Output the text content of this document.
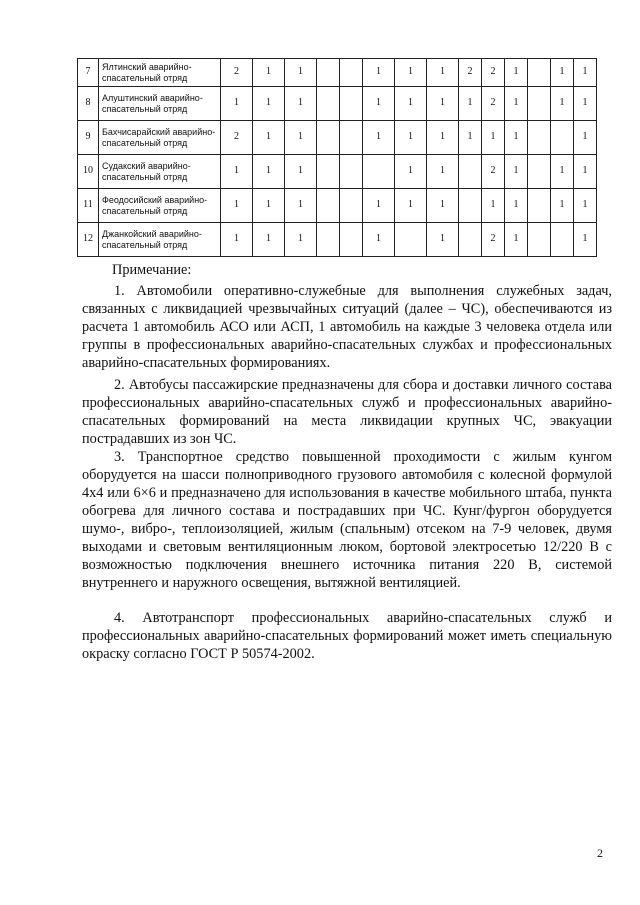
7	Ялтинский аварийно-спасательный отряд	2	1	1			1	1	1	2	2	1		1	1
8	Алуштинский аварийно-спасательный отряд	1	1	1			1	1	1	1	2	1		1	1
9	Бахчисарайский аварийно-спасательный отряд	2	1	1			1	1	1	1	1	1			1
10	Судакский аварийно-спасательный отряд	1	1	1				1	1		2	1		1	1
11	Феодосийский аварийно-спасательный отряд	1	1	1			1	1	1		1	1		1	1
12	Джанкойский аварийно-спасательный отряд	1	1	1			1		1		2	1			1
Примечание:

1. Автомобили оперативно-служебные для выполнения служебных задач, связанных с ликвидацией чрезвычайных ситуаций (далее – ЧС), обеспечиваются из расчета 1 автомобиль АСО или АСП, 1 автомобиль на каждые 3 человека отдела или группы в профессиональных аварийно-спасательных службах и профессиональных аварийно-спасательных формированиях.

2. Автобусы пассажирские предназначены для сбора и доставки личного состава профессиональных аварийно-спасательных служб и профессиональных аварийно-спасательных формирований на места ликвидации крупных ЧС, эвакуации пострадавших из зон ЧС.

3. Транспортное средство повышенной проходимости с жилым кунгом оборудуется на шасси полноприводного грузового автомобиля с колесной формулой 4х4 или 6×6 и предназначено для использования в качестве мобильного штаба, пункта обогрева для личного состава и пострадавших при ЧС. Кунг/фургон оборудуется шумо-, вибро-, теплоизоляцией, жилым (спальным) отсеком на 7-9 человек, двумя выходами и световым вентиляционным люком, бортовой электросетью 12/220 В с возможностью подключения внешнего источника питания 220 В, системой внутреннего и наружного освещения, вытяжной вентиляцией.

4. Автотранспорт профессиональных аварийно-спасательных служб и профессиональных аварийно-спасательных формирований может иметь специальную окраску согласно ГОСТ Р 50574-2002.

2
